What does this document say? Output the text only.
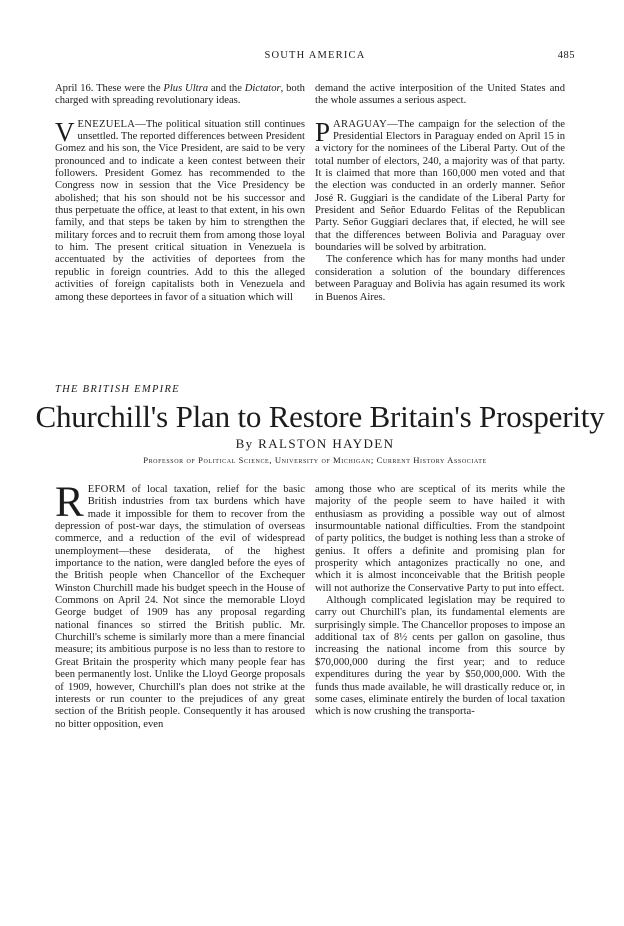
SOUTH AMERICA	485

April 16. These were the Plus Ultra and the Dictator, both charged with spreading revolutionary ideas.

VENEZUELA—The political situation still continues unsettled. The reported differences between President Gomez and his son, the Vice President, are said to be very pronounced and to indicate a keen contest between their followers. President Gomez has recommended to the Congress now in session that the Vice Presidency be abolished; that his son should not be his successor and thus perpetuate the office, at least to that extent, in his own family, and that steps be taken by him to strengthen the military forces and to recruit them from among those loyal to him. The present critical situation in Venezuela is accentuated by the activities of deportees from the republic in foreign countries. Add to this the alleged activities of foreign capitalists both in Venezuela and among these deportees in favor of a situation which will

demand the active interposition of the United States and the whole assumes a serious aspect.

PARAGUAY—The campaign for the selection of the Presidential Electors in Paraguay ended on April 15 in a victory for the nominees of the Liberal Party. Out of the total number of electors, 240, a majority was of that party. It is claimed that more than 160,000 men voted and that the election was conducted in an orderly manner. Señor José R. Guggiari is the candidate of the Liberal Party for President and Señor Eduardo Felitas of the Republican Party. Señor Guggiari declares that, if elected, he will see that the differences between Bolivia and Paraguay over boundaries will be solved by arbitration.

The conference which has for many months had under consideration a solution of the boundary differences between Paraguay and Bolivia has again resumed its work in Buenos Aires.

THE BRITISH EMPIRE
Churchill's Plan to Restore Britain's Prosperity
By RALSTON HAYDEN
Professor of Political Science, University of Michigan; Current History Associate

REFORM of local taxation, relief for the basic British industries from tax burdens which have made it impossible for them to recover from the depression of post-war days, the stimulation of overseas commerce, and a reduction of the evil of widespread unemployment—these desiderata, of the highest importance to the nation, were dangled before the eyes of the British people when Chancellor of the Exchequer Winston Churchill made his budget speech in the House of Commons on April 24. Not since the memorable Lloyd George budget of 1909 has any proposal regarding national finances so stirred the British public. Mr. Churchill's scheme is similarly more than a mere financial measure; its ambitious purpose is no less than to restore to Great Britain the prosperity which many people fear has been permanently lost. Unlike the Lloyd George proposals of 1909, however, Churchill's plan does not strike at the interests or run counter to the prejudices of any great section of the British people. Consequently it has aroused no bitter opposition, even

among those who are sceptical of its merits while the majority of the people seem to have hailed it with enthusiasm as providing a possible way out of almost insurmountable national difficulties. From the standpoint of party politics, the budget is nothing less than a stroke of genius. It offers a definite and promising plan for prosperity which antagonizes practically no one, and which it is almost inconceivable that the British people will not authorize the Conservative Party to put into effect.

Although complicated legislation may be required to carry out Churchill's plan, its fundamental elements are surprisingly simple. The Chancellor proposes to impose an additional tax of 8½ cents per gallon on gasoline, thus increasing the national income from this source by $70,000,000 during the first year; and to reduce expenditures during the year by $50,000,000. With the funds thus made available, he will drastically reduce or, in some cases, eliminate entirely the burden of local taxation which is now crushing the transporta-
